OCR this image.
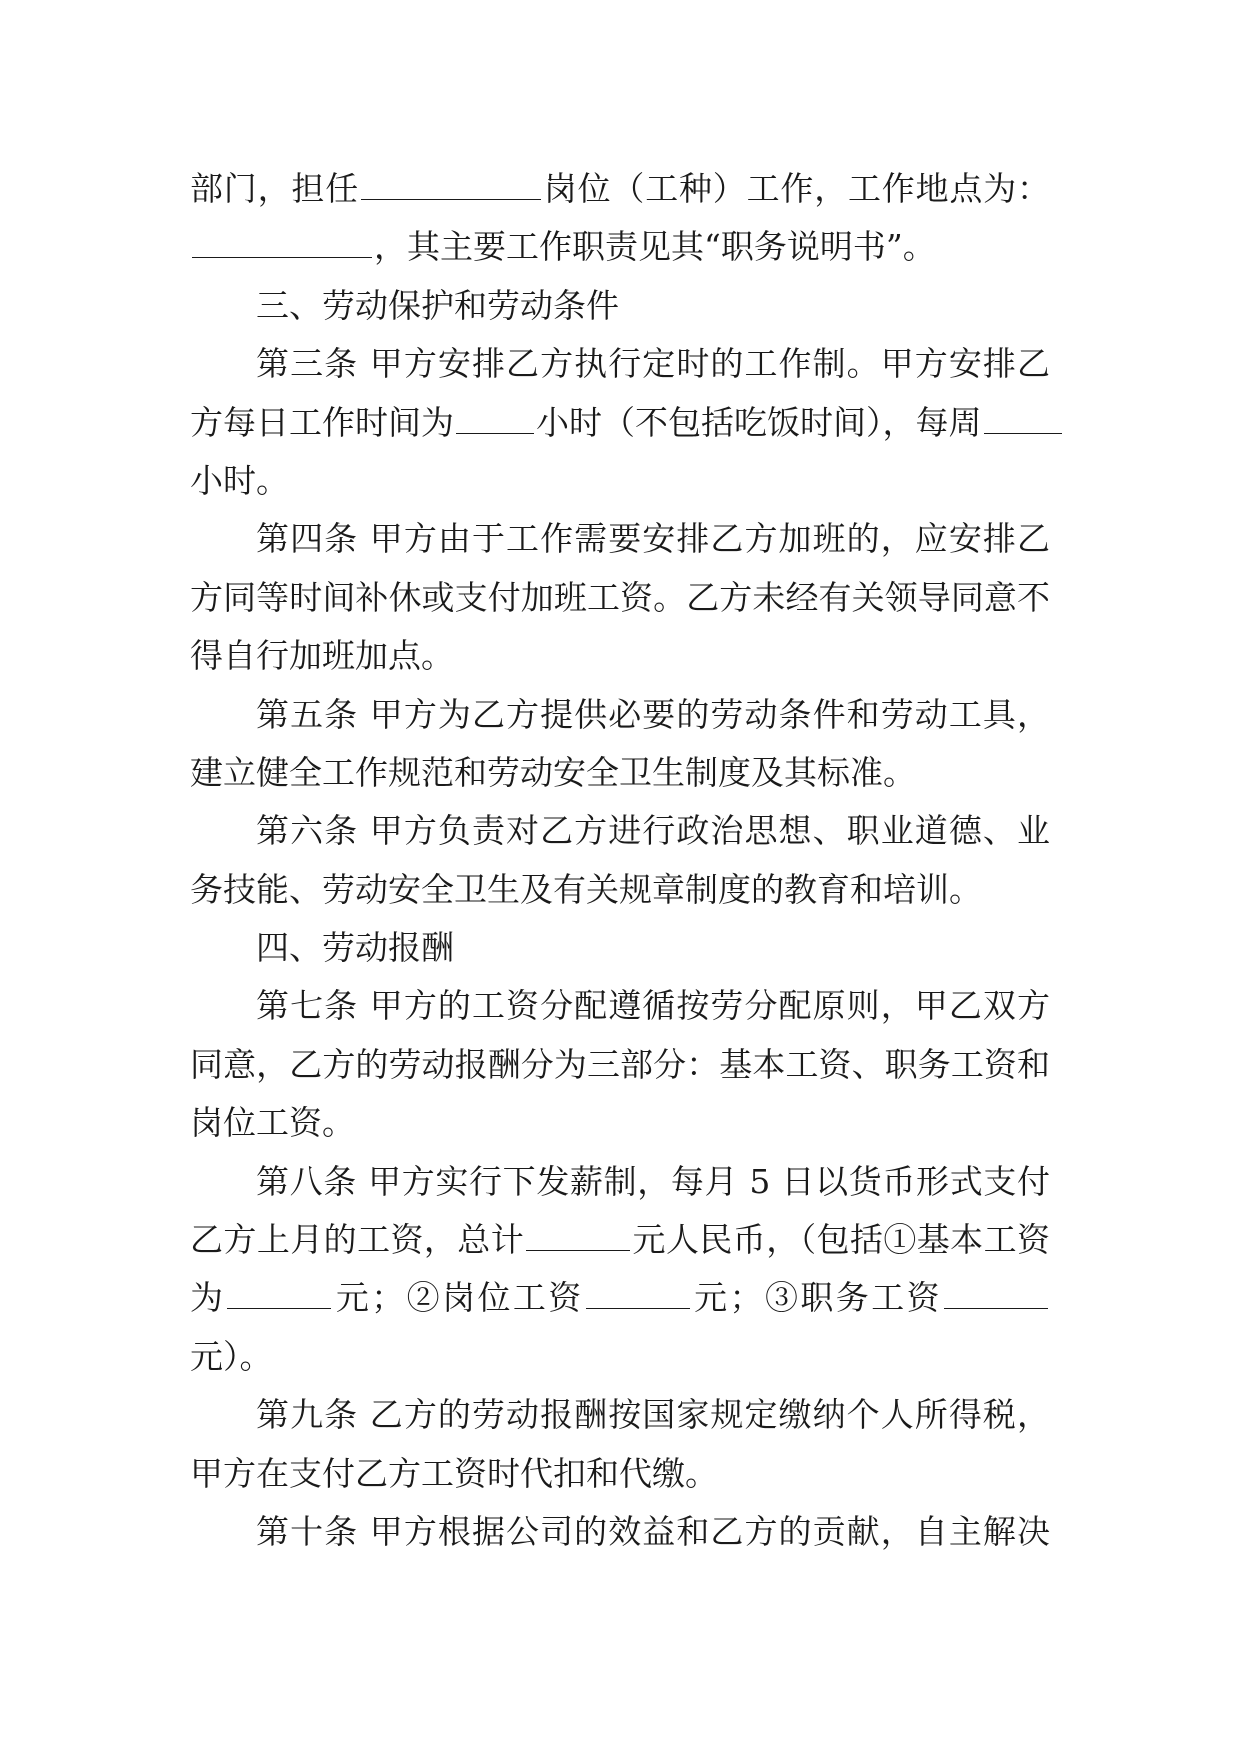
部门，担任	岗位（工种）工作，工作地点为：
，其主要工作职责见其“职务说明书”。
三、劳动保护和劳动条件
第三条 甲方安排乙方执行定时的工作制。甲方安排乙
方每日工作时间为 小时（不包括吃饭时间），每周
小时。
第四条 甲方由于工作需要安排乙方加班的，应安排乙
方同等时间补休或支付加班工资。乙方未经有关领导同意不
得自行加班加点。
第五条 甲方为乙方提供必要的劳动条件和劳动工具，
建立健全工作规范和劳动安全卫生制度及其标准。
第六条 甲方负责对乙方进行政治思想、职业道德、业
务技能、劳动安全卫生及有关规章制度的教育和培训。
四、劳动报酬
第七条 甲方的工资分配遵循按劳分配原则，甲乙双方
同意，乙方的劳动报酬分为三部分：基本工资、职务工资和
岗位工资。
第八条 甲方实行下发薪制，每月 5 日以货币形式支付
乙方上月的工资，总计	元人民币，（包括①基本工资
为	元；②岗位工资	元；③职务工资
元）。
第九条 乙方的劳动报酬按国家规定缴纳个人所得税，
甲方在支付乙方工资时代扣和代缴。
第十条 甲方根据公司的效益和乙方的贡献，自主解决
